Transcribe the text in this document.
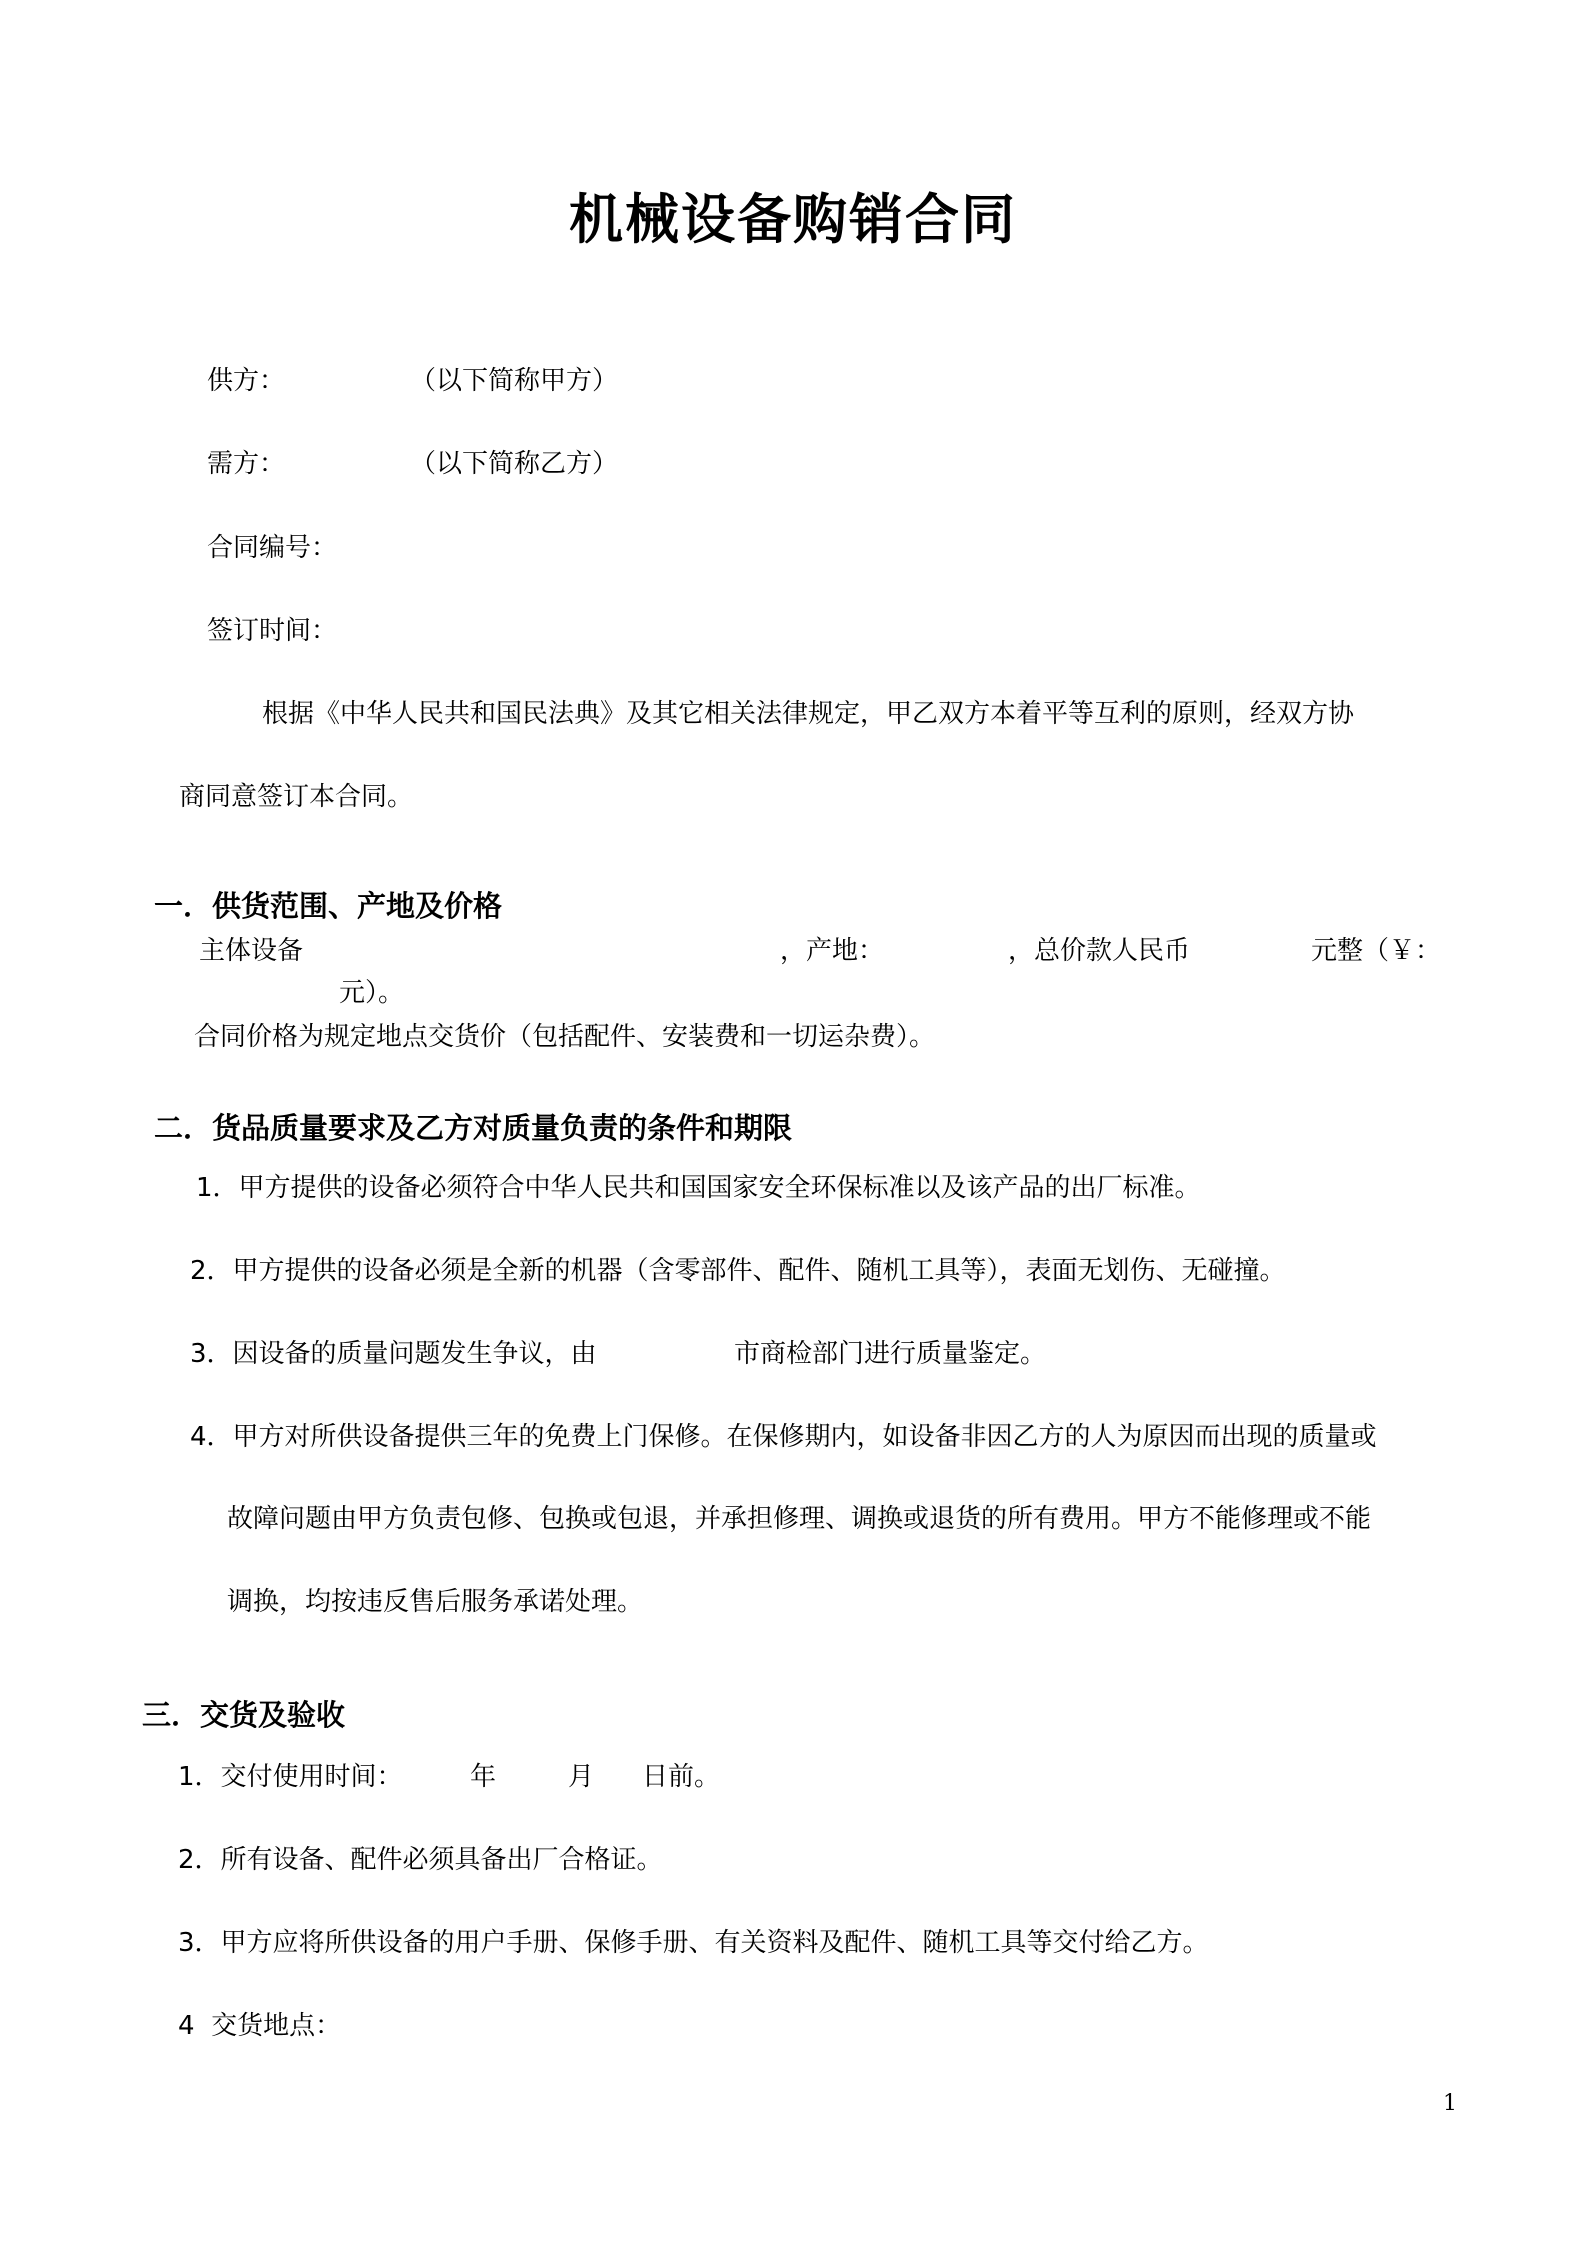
机械设备购销合同
供方：	（以下简称甲方）
需方：	（以下简称乙方）
合同编号：
签订时间：
根据《中华人民共和国民法典》及其它相关法律规定，甲乙双方本着平等互利的原则，经双方协
商同意签订本合同。
一．供货范围、产地及价格
主体设备	，产地：	，总价款人民币	元整（￥：
元）。
合同价格为规定地点交货价（包括配件、安装费和一切运杂费）。
二．货品质量要求及乙方对质量负责的条件和期限
1．甲方提供的设备必须符合中华人民共和国国家安全环保标准以及该产品的出厂标准。
2．甲方提供的设备必须是全新的机器（含零部件、配件、随机工具等），表面无划伤、无碰撞。
3．因设备的质量问题发生争议，由	市商检部门进行质量鉴定。
4．甲方对所供设备提供三年的免费上门保修。在保修期内，如设备非因乙方的人为原因而出现的质量或
故障问题由甲方负责包修、包换或包退，并承担修理、调换或退货的所有费用。甲方不能修理或不能
调换，均按违反售后服务承诺处理。
三．交货及验收
1．交付使用时间：	年	月 日前。
2．所有设备、配件必须具备出厂合格证。
3．甲方应将所供设备的用户手册、保修手册、有关资料及配件、随机工具等交付给乙方。
4  交货地点：
1
